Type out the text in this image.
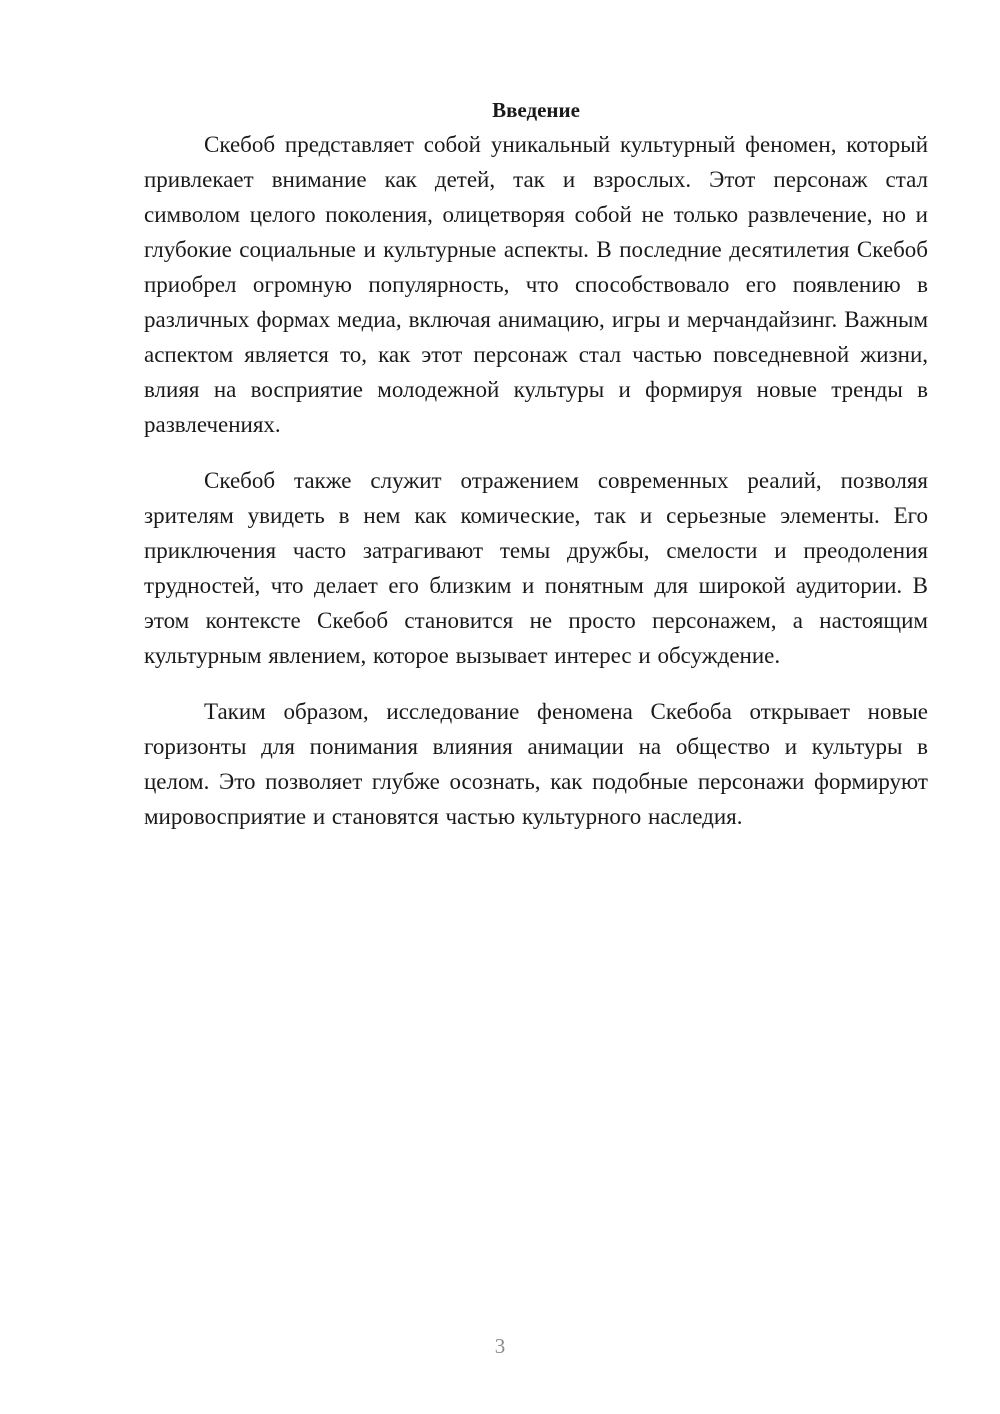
Введение

Скебоб представляет собой уникальный культурный феномен, который привлекает внимание как детей, так и взрослых. Этот персонаж стал символом целого поколения, олицетворяя собой не только развлечение, но и глубокие социальные и культурные аспекты. В последние десятилетия Скебоб приобрел огромную популярность, что способствовало его появлению в различных формах медиа, включая анимацию, игры и мерчандайзинг. Важным аспектом является то, как этот персонаж стал частью повседневной жизни, влияя на восприятие молодежной культуры и формируя новые тренды в развлечениях.

Скебоб также служит отражением современных реалий, позволяя зрителям увидеть в нем как комические, так и серьезные элементы. Его приключения часто затрагивают темы дружбы, смелости и преодоления трудностей, что делает его близким и понятным для широкой аудитории. В этом контексте Скебоб становится не просто персонажем, а настоящим культурным явлением, которое вызывает интерес и обсуждение.

Таким образом, исследование феномена Скебоба открывает новые горизонты для понимания влияния анимации на общество и культуры в целом. Это позволяет глубже осознать, как подобные персонажи формируют мировосприятие и становятся частью культурного наследия.

3
